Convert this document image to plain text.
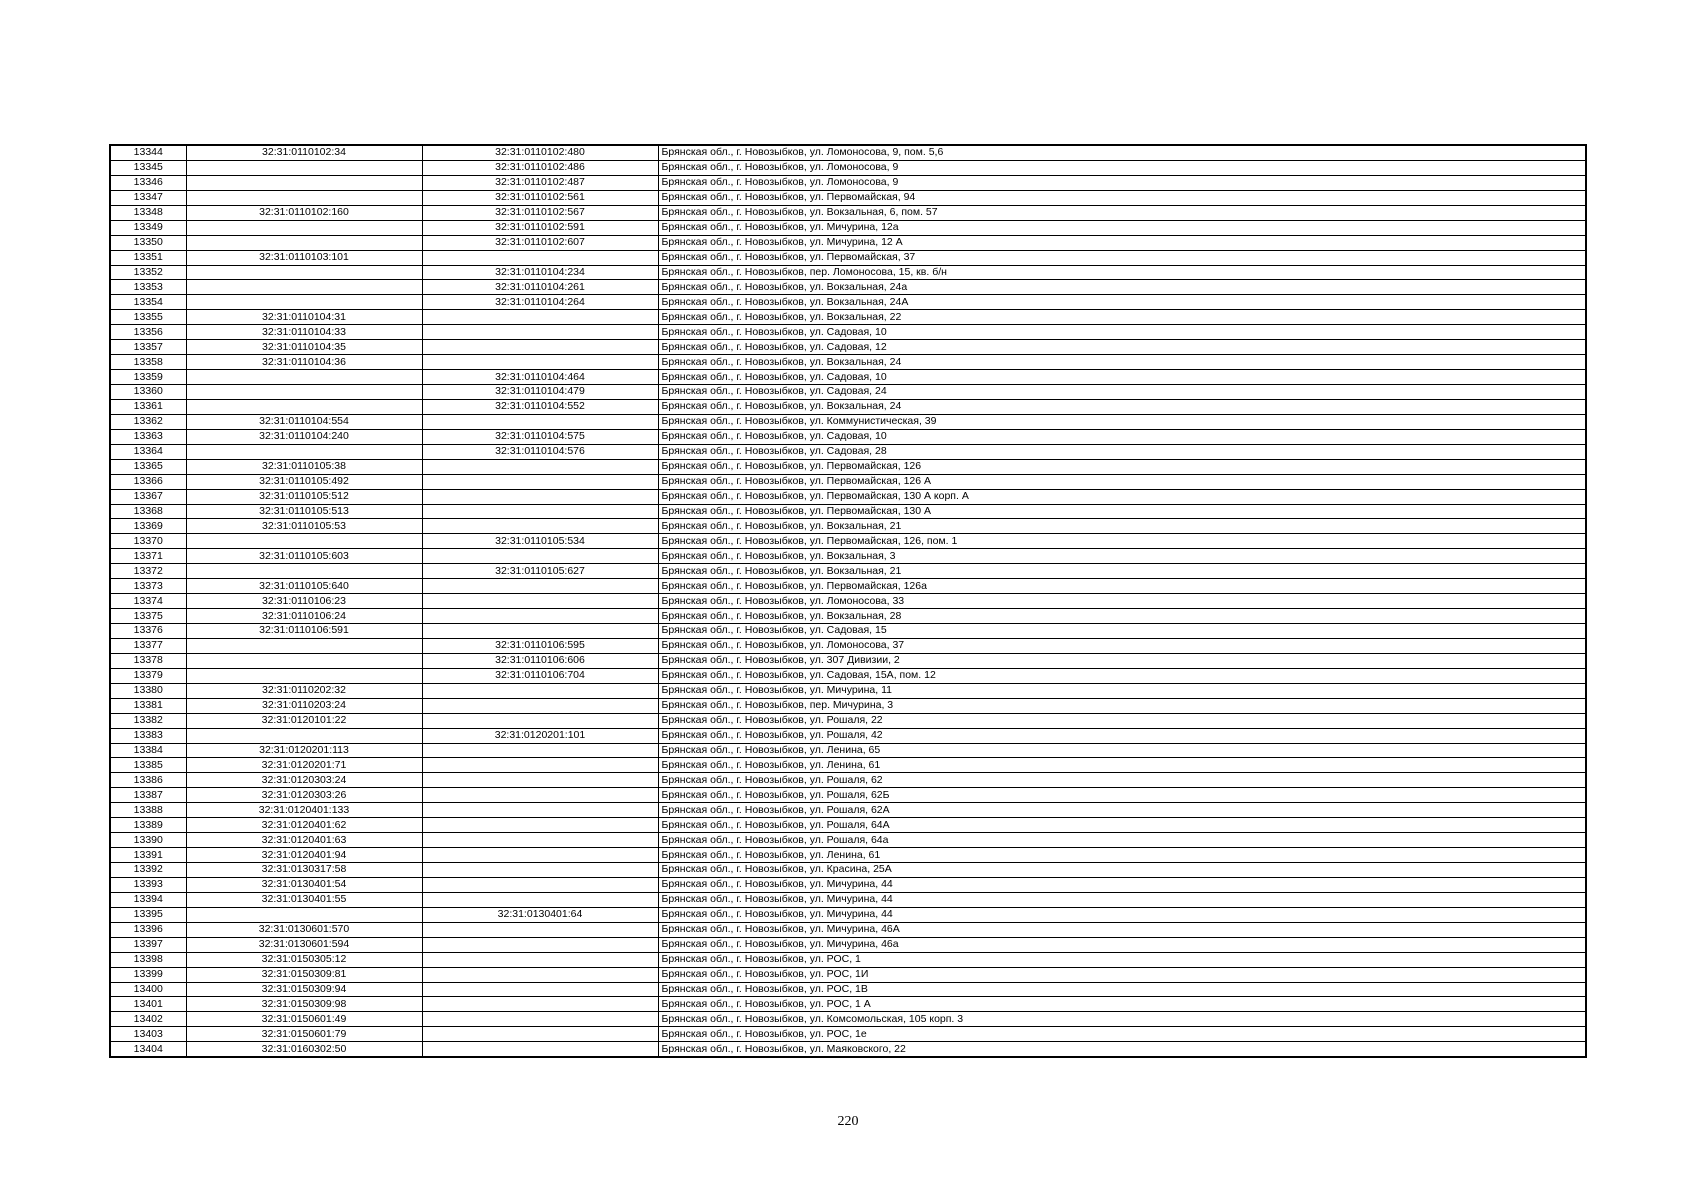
13344	32:31:0110102:34	32:31:0110102:480	Брянская обл., г. Новозыбков, ул. Ломоносова, 9, пом. 5,6
13345		32:31:0110102:486	Брянская обл., г. Новозыбков, ул. Ломоносова, 9
13346		32:31:0110102:487	Брянская обл., г. Новозыбков, ул. Ломоносова, 9
13347		32:31:0110102:561	Брянская обл., г. Новозыбков, ул. Первомайская, 94
13348	32:31:0110102:160	32:31:0110102:567	Брянская обл., г. Новозыбков, ул. Вокзальная, 6, пом. 57
13349		32:31:0110102:591	Брянская обл., г. Новозыбков, ул. Мичурина, 12а
13350		32:31:0110102:607	Брянская обл., г. Новозыбков, ул. Мичурина, 12 А
13351	32:31:0110103:101		Брянская обл., г. Новозыбков, ул. Первомайская, 37
13352		32:31:0110104:234	Брянская обл., г. Новозыбков, пер. Ломоносова, 15, кв. б/н
13353		32:31:0110104:261	Брянская обл., г. Новозыбков, ул. Вокзальная, 24а
13354		32:31:0110104:264	Брянская обл., г. Новозыбков, ул. Вокзальная, 24А
13355	32:31:0110104:31		Брянская обл., г. Новозыбков, ул. Вокзальная, 22
13356	32:31:0110104:33		Брянская обл., г. Новозыбков, ул. Садовая, 10
13357	32:31:0110104:35		Брянская обл., г. Новозыбков, ул. Садовая, 12
13358	32:31:0110104:36		Брянская обл., г. Новозыбков, ул. Вокзальная, 24
13359		32:31:0110104:464	Брянская обл., г. Новозыбков, ул. Садовая, 10
13360		32:31:0110104:479	Брянская обл., г. Новозыбков, ул. Садовая, 24
13361		32:31:0110104:552	Брянская обл., г. Новозыбков, ул. Вокзальная, 24
13362	32:31:0110104:554		Брянская обл., г. Новозыбков, ул. Коммунистическая, 39
13363	32:31:0110104:240	32:31:0110104:575	Брянская обл., г. Новозыбков, ул. Садовая, 10
13364		32:31:0110104:576	Брянская обл., г. Новозыбков, ул. Садовая, 28
13365	32:31:0110105:38		Брянская обл., г. Новозыбков, ул. Первомайская, 126
13366	32:31:0110105:492		Брянская обл., г. Новозыбков, ул. Первомайская, 126 А
13367	32:31:0110105:512		Брянская обл., г. Новозыбков, ул. Первомайская, 130 А корп. А
13368	32:31:0110105:513		Брянская обл., г. Новозыбков, ул. Первомайская, 130 А
13369	32:31:0110105:53		Брянская обл., г. Новозыбков, ул. Вокзальная, 21
13370		32:31:0110105:534	Брянская обл., г. Новозыбков, ул. Первомайская, 126, пом. 1
13371	32:31:0110105:603		Брянская обл., г. Новозыбков, ул. Вокзальная, 3
13372		32:31:0110105:627	Брянская обл., г. Новозыбков, ул. Вокзальная, 21
13373	32:31:0110105:640		Брянская обл., г. Новозыбков, ул. Первомайская, 126а
13374	32:31:0110106:23		Брянская обл., г. Новозыбков, ул. Ломоносова, 33
13375	32:31:0110106:24		Брянская обл., г. Новозыбков, ул. Вокзальная, 28
13376	32:31:0110106:591		Брянская обл., г. Новозыбков, ул. Садовая, 15
13377		32:31:0110106:595	Брянская обл., г. Новозыбков, ул. Ломоносова, 37
13378		32:31:0110106:606	Брянская обл., г. Новозыбков, ул. 307 Дивизии, 2
13379		32:31:0110106:704	Брянская обл., г. Новозыбков, ул. Садовая, 15А, пом. 12
13380	32:31:0110202:32		Брянская обл., г. Новозыбков, ул. Мичурина, 11
13381	32:31:0110203:24		Брянская обл., г. Новозыбков, пер. Мичурина, 3
13382	32:31:0120101:22		Брянская обл., г. Новозыбков, ул. Рошаля, 22
13383		32:31:0120201:101	Брянская обл., г. Новозыбков, ул. Рошаля, 42
13384	32:31:0120201:113		Брянская обл., г. Новозыбков, ул. Ленина, 65
13385	32:31:0120201:71		Брянская обл., г. Новозыбков, ул. Ленина, 61
13386	32:31:0120303:24		Брянская обл., г. Новозыбков, ул. Рошаля, 62
13387	32:31:0120303:26		Брянская обл., г. Новозыбков, ул. Рошаля, 62Б
13388	32:31:0120401:133		Брянская обл., г. Новозыбков, ул. Рошаля, 62А
13389	32:31:0120401:62		Брянская обл., г. Новозыбков, ул. Рошаля, 64А
13390	32:31:0120401:63		Брянская обл., г. Новозыбков, ул. Рошаля, 64а
13391	32:31:0120401:94		Брянская обл., г. Новозыбков, ул. Ленина, 61
13392	32:31:0130317:58		Брянская обл., г. Новозыбков, ул. Красина, 25А
13393	32:31:0130401:54		Брянская обл., г. Новозыбков, ул. Мичурина, 44
13394	32:31:0130401:55		Брянская обл., г. Новозыбков, ул. Мичурина, 44
13395		32:31:0130401:64	Брянская обл., г. Новозыбков, ул. Мичурина, 44
13396	32:31:0130601:570		Брянская обл., г. Новозыбков, ул. Мичурина, 46А
13397	32:31:0130601:594		Брянская обл., г. Новозыбков, ул. Мичурина, 46а
13398	32:31:0150305:12		Брянская обл., г. Новозыбков, ул. РОС, 1
13399	32:31:0150309:81		Брянская обл., г. Новозыбков, ул. РОС, 1И
13400	32:31:0150309:94		Брянская обл., г. Новозыбков, ул. РОС, 1В
13401	32:31:0150309:98		Брянская обл., г. Новозыбков, ул. РОС, 1 А
13402	32:31:0150601:49		Брянская обл., г. Новозыбков, ул. Комсомольская, 105 корп. 3
13403	32:31:0150601:79		Брянская обл., г. Новозыбков, ул. РОС, 1е
13404	32:31:0160302:50		Брянская обл., г. Новозыбков, ул. Маяковского, 22
220
